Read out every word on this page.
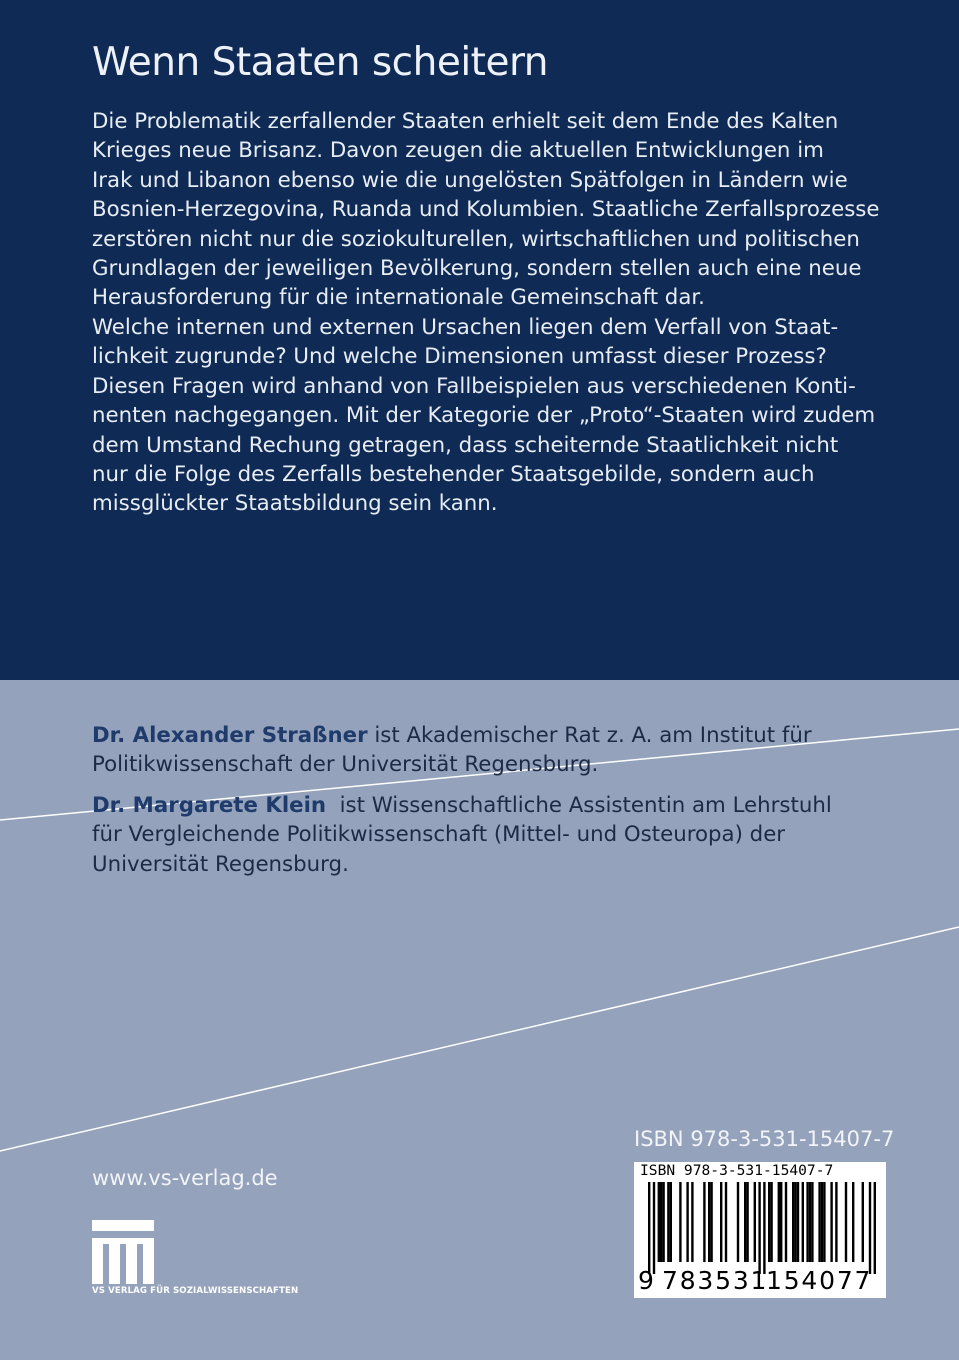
Wenn Staaten scheitern

Die Problematik zerfallender Staaten erhielt seit dem Ende des Kalten
Krieges neue Brisanz. Davon zeugen die aktuellen Entwicklungen im
Irak und Libanon ebenso wie die ungelösten Spätfolgen in Ländern wie
Bosnien-Herzegovina, Ruanda und Kolumbien. Staatliche Zerfallsprozesse
zerstören nicht nur die soziokulturellen, wirtschaftlichen und politischen
Grundlagen der jeweiligen Bevölkerung, sondern stellen auch eine neue
Herausforderung für die internationale Gemeinschaft dar.

Welche internen und externen Ursachen liegen dem Verfall von Staat-
lichkeit zugrunde? Und welche Dimensionen umfasst dieser Prozess?
Diesen Fragen wird anhand von Fallbeispielen aus verschiedenen Konti-
nenten nachgegangen. Mit der Kategorie der „Proto“-Staaten wird zudem
dem Umstand Rechung getragen, dass scheiternde Staatlichkeit nicht
nur die Folge des Zerfalls bestehender Staatsgebilde, sondern auch
missglückter Staatsbildung sein kann.

Dr. Alexander Straßner ist Akademischer Rat z. A. am Institut für
Politikwissenschaft der Universität Regensburg.

Dr. Margarete Klein  ist Wissenschaftliche Assistentin am Lehrstuhl
für Vergleichende Politikwissenschaft (Mittel- und Osteuropa) der
Universität Regensburg.

www.vs-verlag.de
VS VERLAG FÜR SOZIALWISSENSCHAFTEN
ISBN 978-3-531-15407-7
ISBN 978-3-531-15407-7
9 783531
154077
